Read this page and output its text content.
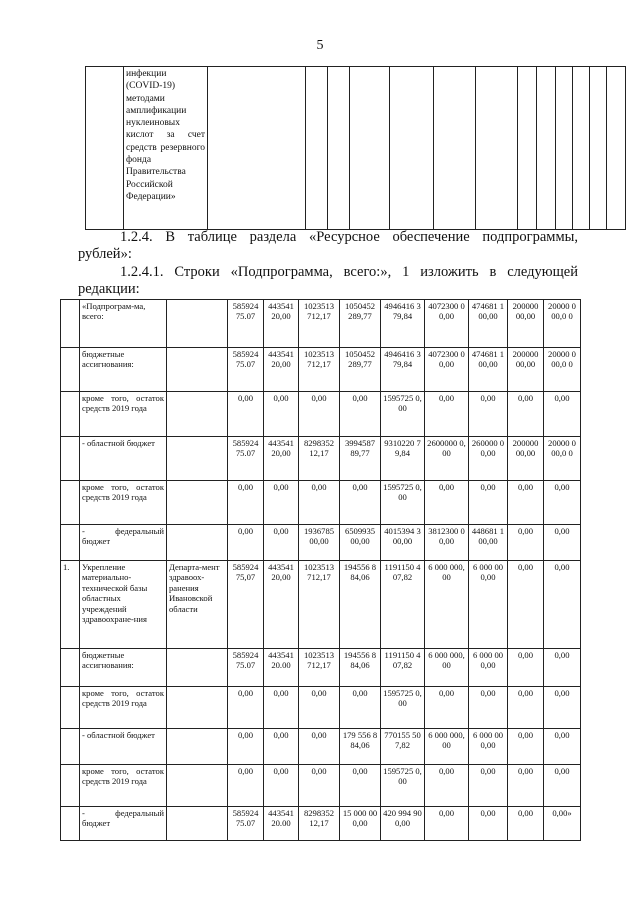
5
	инфекции (COVID-19) методами амплификации нуклеиновых кислот за счет средств резервного фонда Правительства Российской Федерации»													
1.2.4. В таблице раздела «Ресурсное обеспечение подпрограммы, рублей»:
1.2.4.1. Строки «Подпрограмма, всего:», 1 изложить в следующей редакции:
	«Подпрограм-ма, всего:		585924 75.07	443541 20,00	1023513 712,17	1050452 289,77	4946416 379,84	4072300 00,00	474681 100,00	200000 00,00	20000 000,0 0
	бюджетные ассигнования:		585924 75.07	443541 20,00	1023513 712,17	1050452 289,77	4946416 379,84	4072300 00,00	474681 100,00	200000 00,00	20000 000,0 0
	кроме того, остаток средств 2019 года		0,00	0,00	0,00	0,00	1595725 0,00	0,00	0,00	0,00	0,00
	- областной бюджет		585924 75.07	443541 20,00	8298352 12,17	3994587 89,77	9310220 79,84	2600000 0,00	260000 00,00	200000 00,00	20000 000,0 0
	кроме того, остаток средств 2019 года		0,00	0,00	0,00	0,00	1595725 0,00	0,00	0,00	0,00	0,00
	- федеральный бюджет		0,00	0,00	1936785 00,00	6509935 00,00	4015394 300,00	3812300 00,00	448681 100,00	0,00	0,00
1.	Укрепление материально-технической базы областных учреждений здравоохране-ния	Департа-мент здравоох-ранения Ивановской области	585924 75,07	443541 20,00	1023513 712,17	194556 884,06	1191150 407,82	6 000 000,00	6 000 000,00	0,00	0,00
	бюджетные ассигнования:		585924 75.07	443541 20.00	1023513 712,17	194556 884,06	1191150 407,82	6 000 000,00	6 000 000,00	0,00	0,00
	кроме того, остаток средств 2019 года		0,00	0,00	0,00	0,00	1595725 0,00	0,00	0,00	0,00	0,00
	- областной бюджет		0,00	0,00	0,00	179 556 884,06	770155 507,82	6 000 000,00	6 000 000,00	0,00	0,00
	кроме того, остаток средств 2019 года		0,00	0,00	0,00	0,00	1595725 0,00	0,00	0,00	0,00	0,00
	- федеральный бюджет		585924 75.07	443541 20.00	8298352 12,17	15 000 000,00	420 994 900,00	0,00	0,00	0,00	0,00»
